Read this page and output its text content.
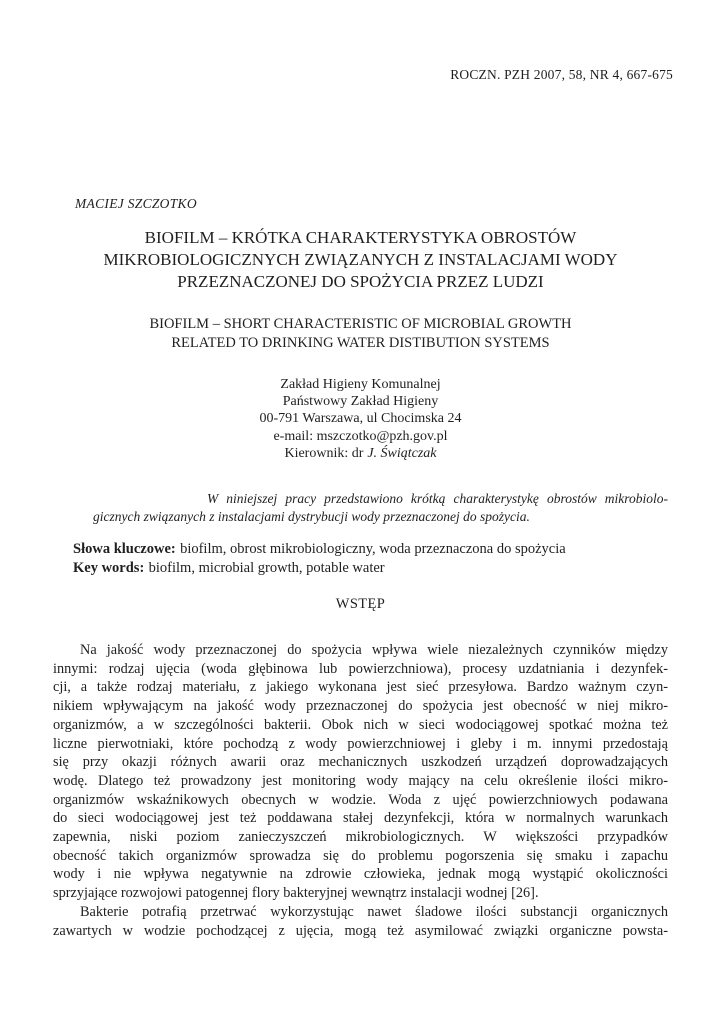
ROCZN. PZH 2007, 58, NR 4, 667-675
MACIEJ SZCZOTKO
BIOFILM – KRÓTKA CHARAKTERYSTYKA OBROSTÓW
MIKROBIOLOGICZNYCH ZWIĄZANYCH Z INSTALACJAMI WODY
PRZEZNACZONEJ DO SPOŻYCIA PRZEZ LUDZI
BIOFILM – SHORT CHARACTERISTIC OF MICROBIAL GROWTH
RELATED TO DRINKING WATER DISTIBUTION SYSTEMS
Zakład Higieny Komunalnej
Państwowy Zakład Higieny
00-791 Warszawa, ul Chocimska 24
e-mail: mszczotko@pzh.gov.pl
Kierownik: dr J. Świątczak
W niniejszej pracy przedstawiono krótką charakterystykę obrostów mikrobiolo-
gicznych związanych z instalacjami dystrybucji wody przeznaczonej do spożycia.
Słowa kluczowe: biofilm, obrost mikrobiologiczny, woda przeznaczona do spożycia
Key words: biofilm, microbial growth, potable water
WSTĘP
Na jakość wody przeznaczonej do spożycia wpływa wiele niezależnych czynników między
innymi: rodzaj ujęcia (woda głębinowa lub powierzchniowa), procesy uzdatniania i dezynfek-
cji, a także rodzaj materiału, z jakiego wykonana jest sieć przesyłowa. Bardzo ważnym czyn-
nikiem wpływającym na jakość wody przeznaczonej do spożycia jest obecność w niej mikro-
organizmów, a w szczególności bakterii. Obok nich w sieci wodociągowej spotkać można też
liczne pierwotniaki, które pochodzą z wody powierzchniowej i gleby i m. innymi przedostają
się przy okazji różnych awarii oraz mechanicznych uszkodzeń urządzeń doprowadzających
wodę. Dlatego też prowadzony jest monitoring wody mający na celu określenie ilości mikro-
organizmów wskaźnikowych obecnych w wodzie. Woda z ujęć powierzchniowych podawana
do sieci wodociągowej jest też poddawana stałej dezynfekcji, która w normalnych warunkach
zapewnia, niski poziom zanieczyszczeń mikrobiologicznych. W większości przypadków
obecność takich organizmów sprowadza się do problemu pogorszenia się smaku i zapachu
wody i nie wpływa negatywnie na zdrowie człowieka, jednak mogą wystąpić okoliczności
sprzyjające rozwojowi patogennej flory bakteryjnej wewnątrz instalacji wodnej [26].
Bakterie potrafią przetrwać wykorzystując nawet śladowe ilości substancji organicznych
zawartych w wodzie pochodzącej z ujęcia, mogą też asymilować związki organiczne powsta-
